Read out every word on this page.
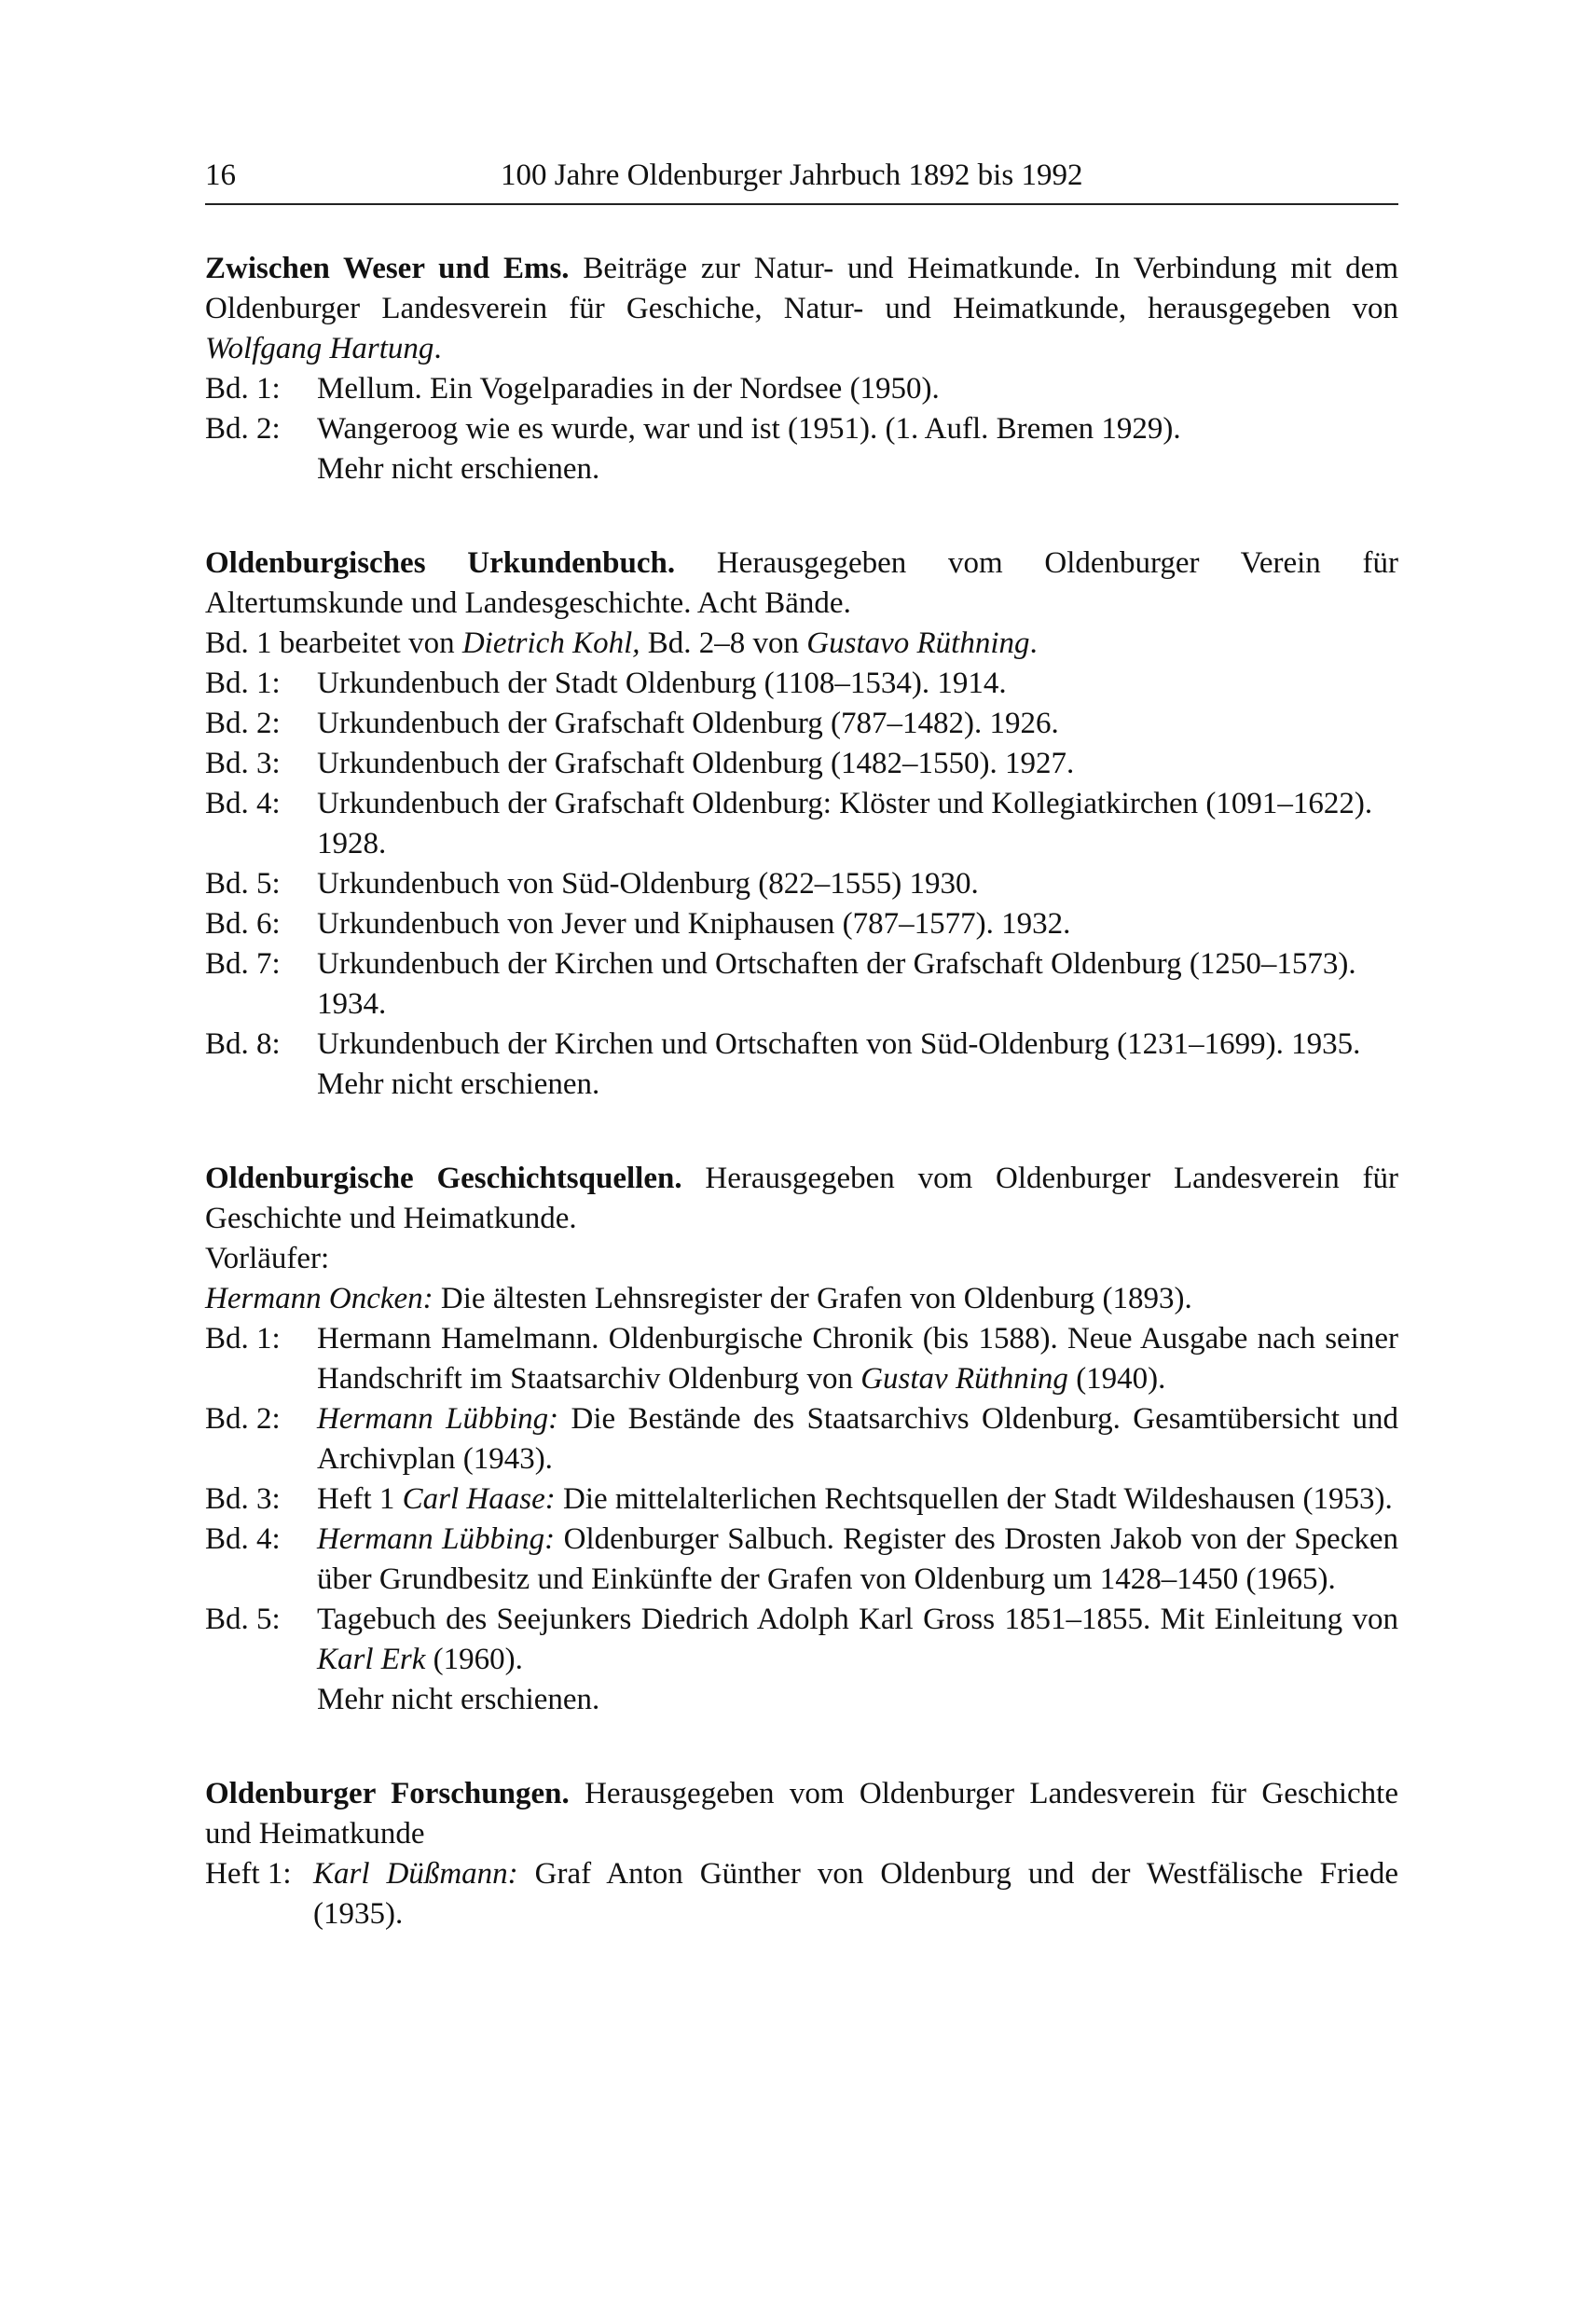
16	100 Jahre Oldenburger Jahrbuch 1892 bis 1992
Zwischen Weser und Ems. Beiträge zur Natur- und Heimatkunde. In Verbindung mit dem Oldenburger Landesverein für Geschiche, Natur- und Heimatkunde, herausgegeben von Wolfgang Hartung.
Bd. 1:	Mellum. Ein Vogelparadies in der Nordsee (1950).
Bd. 2:	Wangeroog wie es wurde, war und ist (1951). (1. Aufl. Bremen 1929).
Mehr nicht erschienen.
Oldenburgisches Urkundenbuch. Herausgegeben vom Oldenburger Verein für Altertumskunde und Landesgeschichte. Acht Bände.
Bd. 1 bearbeitet von Dietrich Kohl, Bd. 2–8 von Gustavo Rüthning.
Bd. 1:	Urkundenbuch der Stadt Oldenburg (1108–1534). 1914.
Bd. 2:	Urkundenbuch der Grafschaft Oldenburg (787–1482). 1926.
Bd. 3:	Urkundenbuch der Grafschaft Oldenburg (1482–1550). 1927.
Bd. 4:	Urkundenbuch der Grafschaft Oldenburg: Klöster und Kollegiatkirchen (1091–1622). 1928.
Bd. 5:	Urkundenbuch von Süd-Oldenburg (822–1555) 1930.
Bd. 6:	Urkundenbuch von Jever und Kniphausen (787–1577). 1932.
Bd. 7:	Urkundenbuch der Kirchen und Ortschaften der Grafschaft Oldenburg (1250–1573). 1934.
Bd. 8:	Urkundenbuch der Kirchen und Ortschaften von Süd-Oldenburg (1231–1699). 1935.
Mehr nicht erschienen.
Oldenburgische Geschichtsquellen. Herausgegeben vom Oldenburger Landesverein für Geschichte und Heimatkunde.
Vorläufer:
Hermann Oncken: Die ältesten Lehnsregister der Grafen von Oldenburg (1893).
Bd. 1:	Hermann Hamelmann. Oldenburgische Chronik (bis 1588). Neue Ausgabe nach seiner Handschrift im Staatsarchiv Oldenburg von Gustav Rüthning (1940).
Bd. 2:	Hermann Lübbing: Die Bestände des Staatsarchivs Oldenburg. Gesamtübersicht und Archivplan (1943).
Bd. 3:	Heft 1 Carl Haase: Die mittelalterlichen Rechtsquellen der Stadt Wildeshausen (1953).
Bd. 4:	Hermann Lübbing: Oldenburger Salbuch. Register des Drosten Jakob von der Specken über Grundbesitz und Einkünfte der Grafen von Oldenburg um 1428–1450 (1965).
Bd. 5:	Tagebuch des Seejunkers Diedrich Adolph Karl Gross 1851–1855. Mit Einleitung von Karl Erk (1960).
Mehr nicht erschienen.
Oldenburger Forschungen. Herausgegeben vom Oldenburger Landesverein für Geschichte und Heimatkunde
Heft 1: Karl Düßmann: Graf Anton Günther von Oldenburg und der Westfälische Friede (1935).
